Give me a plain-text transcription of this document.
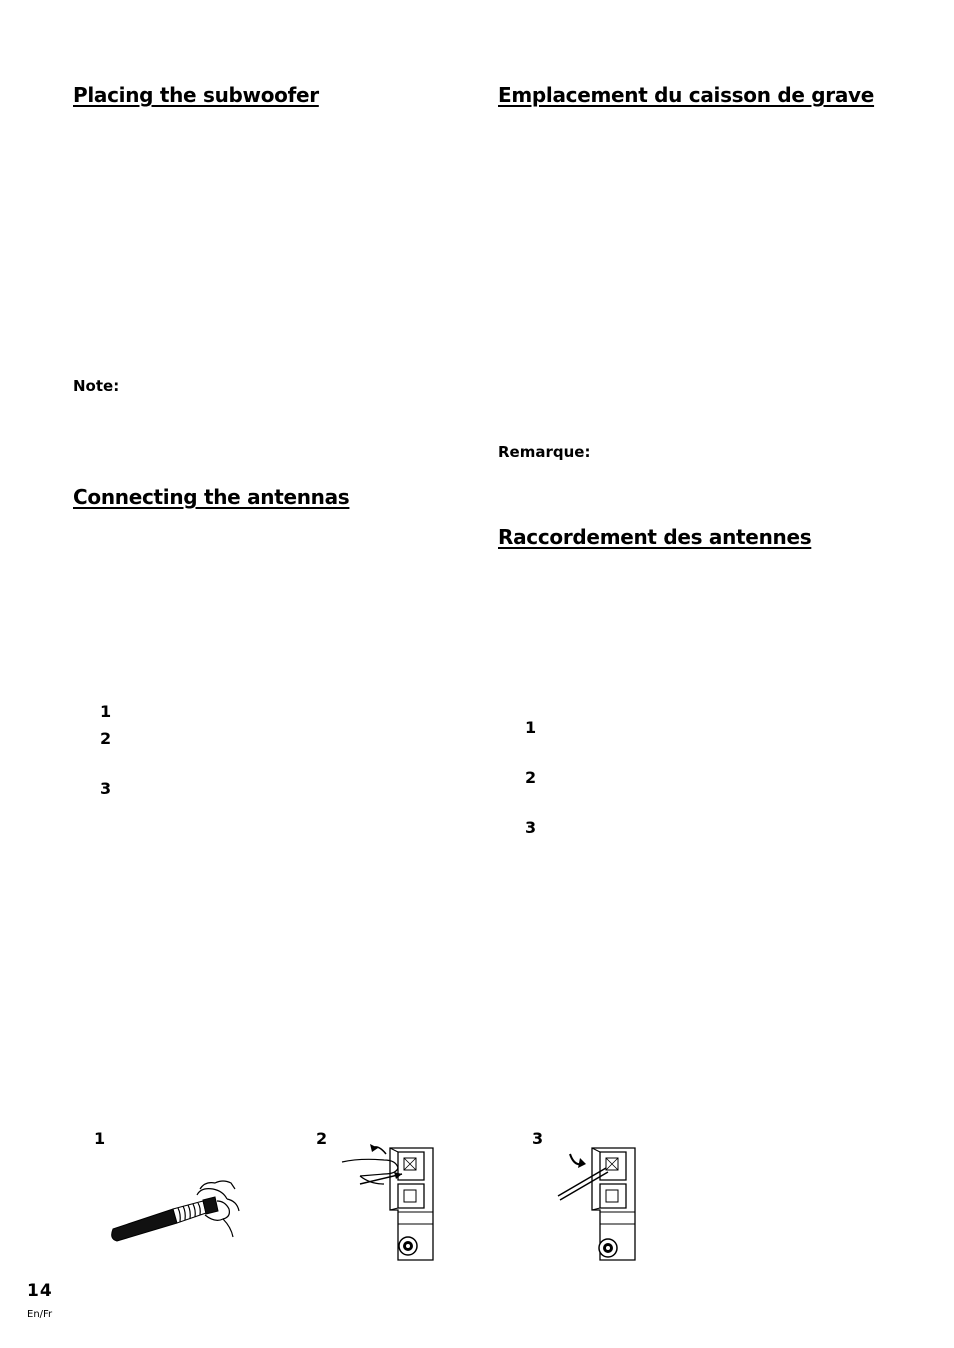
Placing the subwoofer
Note:
Connecting the antennas
1
2
3
Emplacement du caisson de grave
Remarque:
Raccordement des antennes
1
2
3
1	2	3
14
En/Fr
